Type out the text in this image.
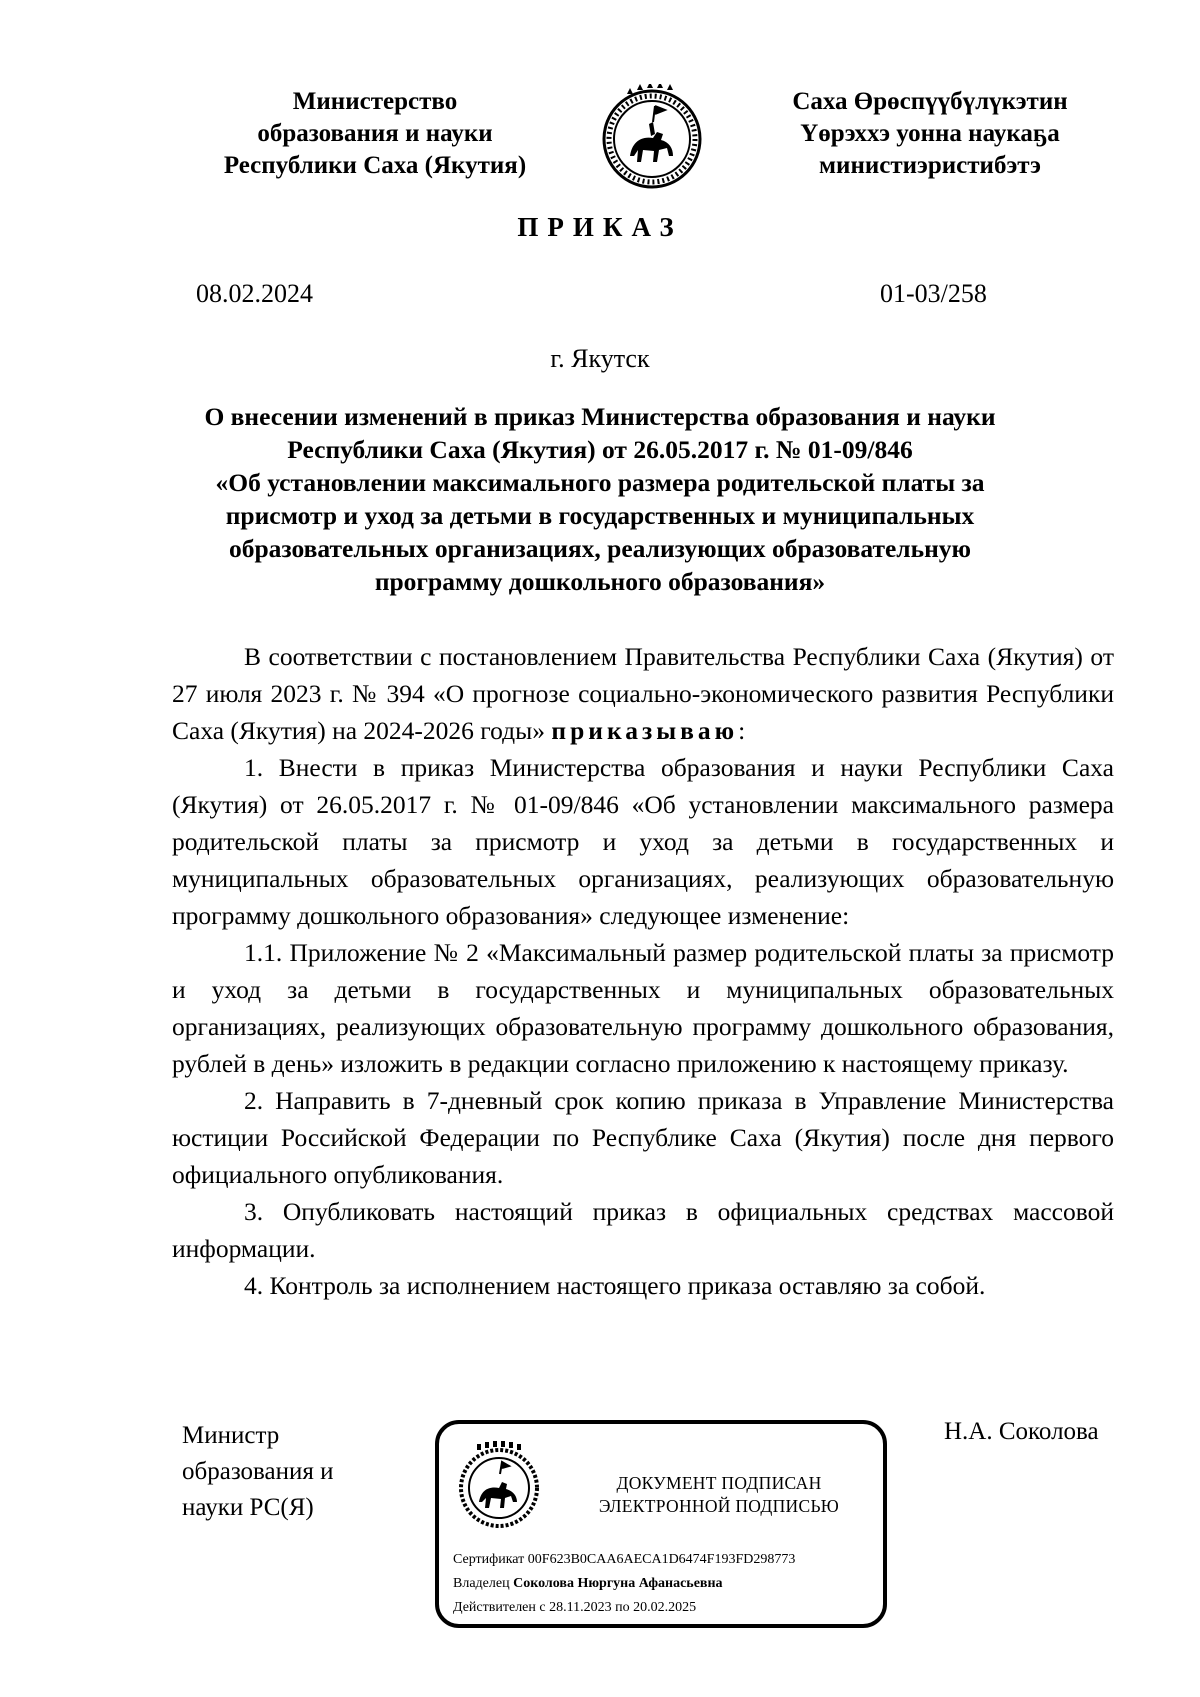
Министерство
образования и науки
Республики Саха (Якутия)
Саха Өрөспүүбүлүкэтин
Үөрэххэ уонна наукаҕа
министиэристибэтэ
ПРИКАЗ
08.02.2024	01-03/258
г. Якутск
О внесении изменений в приказ Министерства образования и науки
Республики Саха (Якутия) от 26.05.2017 г. № 01-09/846
«Об установлении максимального размера родительской платы за
присмотр и уход за детьми в государственных и муниципальных
образовательных организациях, реализующих образовательную
программу дошкольного образования»

В соответствии с постановлением Правительства Республики Саха (Якутия) от 27 июля 2023 г. № 394 «О прогнозе социально-экономического развития Республики Саха (Якутия) на 2024-2026 годы» приказываю:

1. Внести в приказ Министерства образования и науки Республики Саха (Якутия) от 26.05.2017 г. № 01-09/846 «Об установлении максимального размера родительской платы за присмотр и уход за детьми в государственных и муниципальных образовательных организациях, реализующих образовательную программу дошкольного образования» следующее изменение:

1.1. Приложение № 2 «Максимальный размер родительской платы за присмотр и уход за детьми в государственных и муниципальных образовательных организациях, реализующих образовательную программу дошкольного образования, рублей в день» изложить в редакции согласно приложению к настоящему приказу.

2. Направить в 7-дневный срок копию приказа в Управление Министерства юстиции Российской Федерации по Республике Саха (Якутия) после дня первого официального опубликования.

3. Опубликовать настоящий приказ в официальных средствах массовой информации.

4. Контроль за исполнением настоящего приказа оставляю за собой.

Министр
образования и
науки РС(Я)
ДОКУМЕНТ ПОДПИСАН
ЭЛЕКТРОННОЙ ПОДПИСЬЮ
Сертификат 00F623B0CAA6AECA1D6474F193FD298773
Владелец Соколова Нюргуна Афанасьевна
Действителен с 28.11.2023 по 20.02.2025
Н.А. Соколова
